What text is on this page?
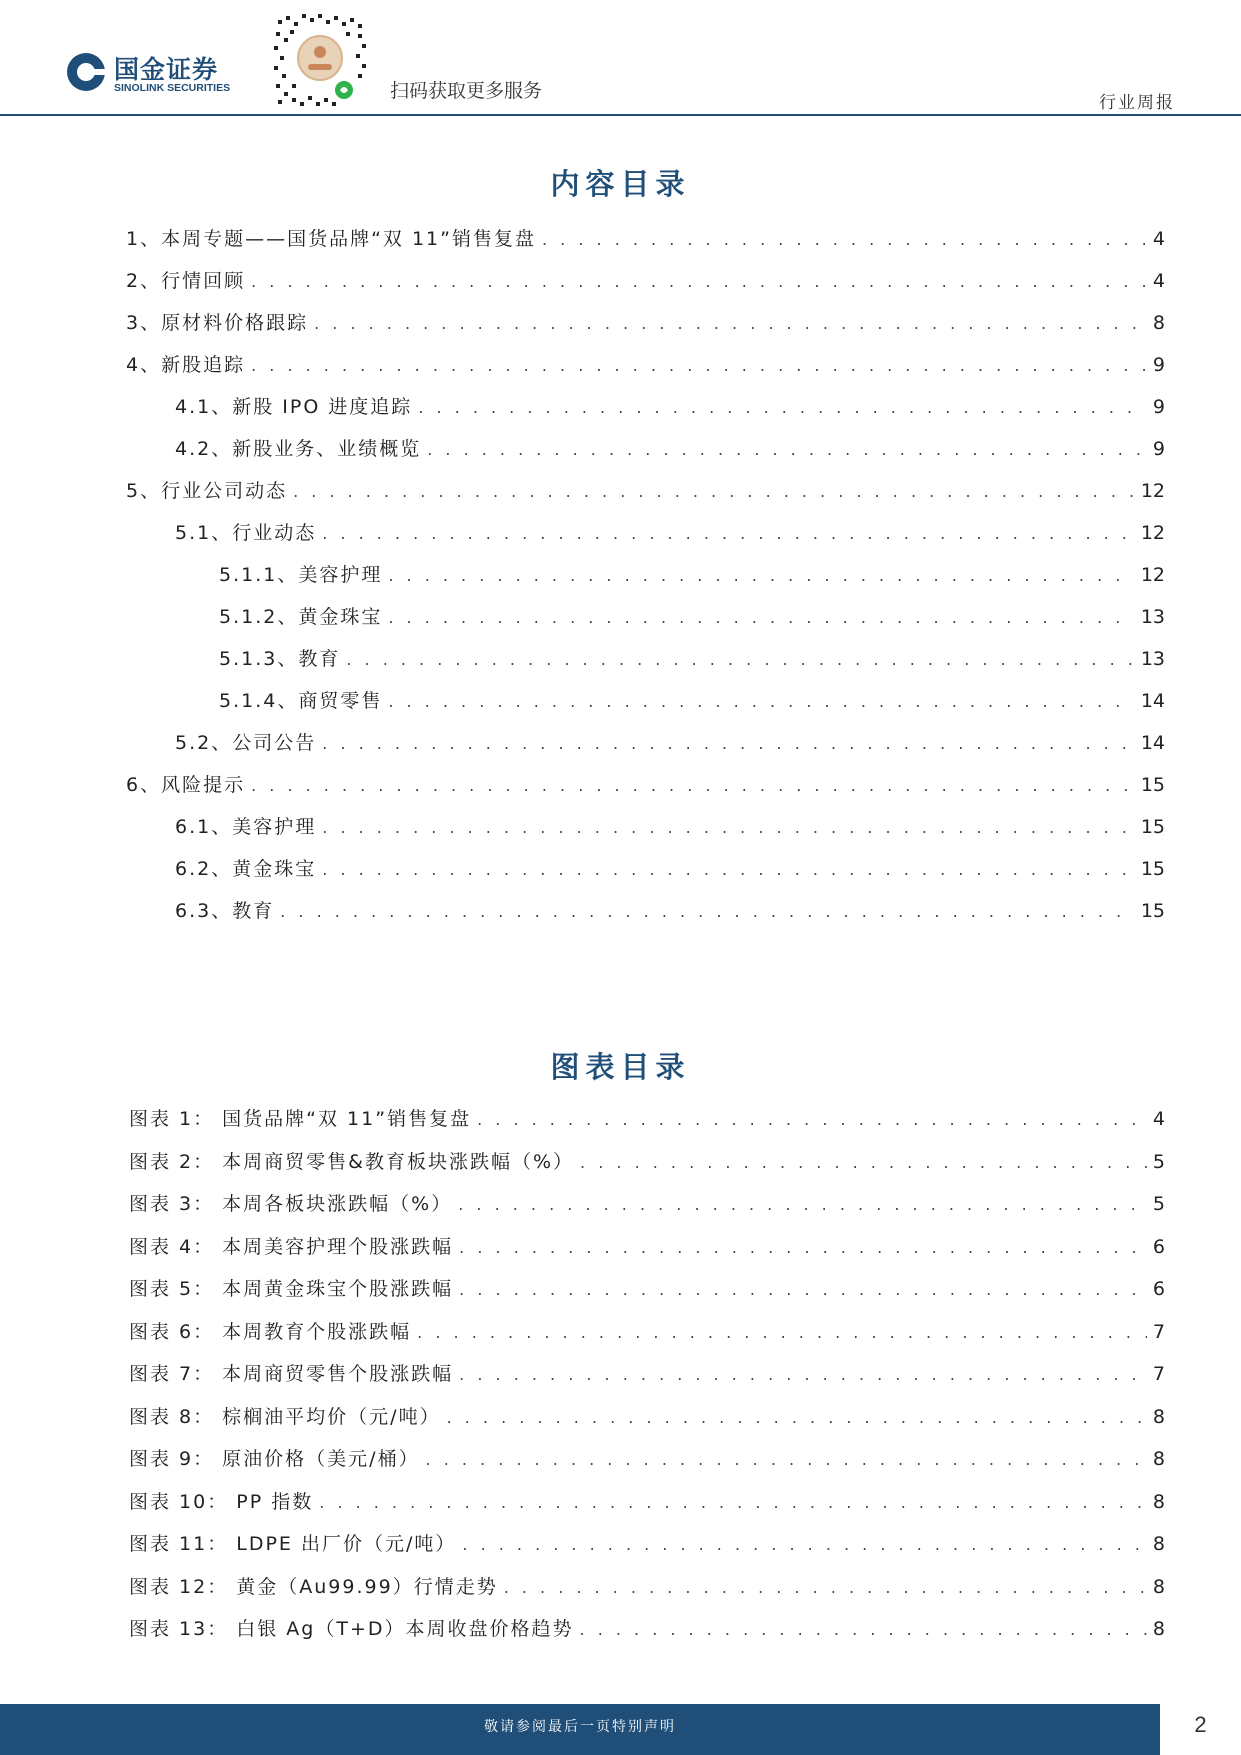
国金证券
SINOLINK SECURITIES	扫码获取更多服务
行业周报
内容目录
1、本周专题——国货品牌“双 11”销售复盘 . . .	4
2、行情回顾 . . .	4
3、原材料价格跟踪 . . .	8
4、新股追踪 . . .	9
4.1、新股 IPO 进度追踪 . . .	9
4.2、新股业务、业绩概览 . . .	9
5、行业公司动态 . . .	12
5.1、行业动态 . . .	12
5.1.1、美容护理 . . .	12
5.1.2、黄金珠宝 . . .	13
5.1.3、教育 . . .	13
5.1.4、商贸零售 . . .	14
5.2、公司公告 . . .	14
6、风险提示 . . .	15
6.1、美容护理 . . .	15
6.2、黄金珠宝 . . .	15
6.3、教育 . . .	15
图表目录
图表 1： 国货品牌“双 11”销售复盘 . . .	4
图表 2： 本周商贸零售&教育板块涨跌幅（%） . . .	5
图表 3： 本周各板块涨跌幅（%） . . .	5
图表 4： 本周美容护理个股涨跌幅 . . .	6
图表 5： 本周黄金珠宝个股涨跌幅 . . .	6
图表 6： 本周教育个股涨跌幅 . . .	7
图表 7： 本周商贸零售个股涨跌幅 . . .	7
图表 8： 棕榈油平均价（元/吨） . . .	8
图表 9： 原油价格（美元/桶） . . .	8
图表 10： PP 指数 . . .	8
图表 11： LDPE 出厂价（元/吨） . . .	8
图表 12： 黄金（Au99.99）行情走势 . . .	8
图表 13： 白银 Ag（T+D）本周收盘价格趋势 . . .	8
敬请参阅最后一页特别声明	2
